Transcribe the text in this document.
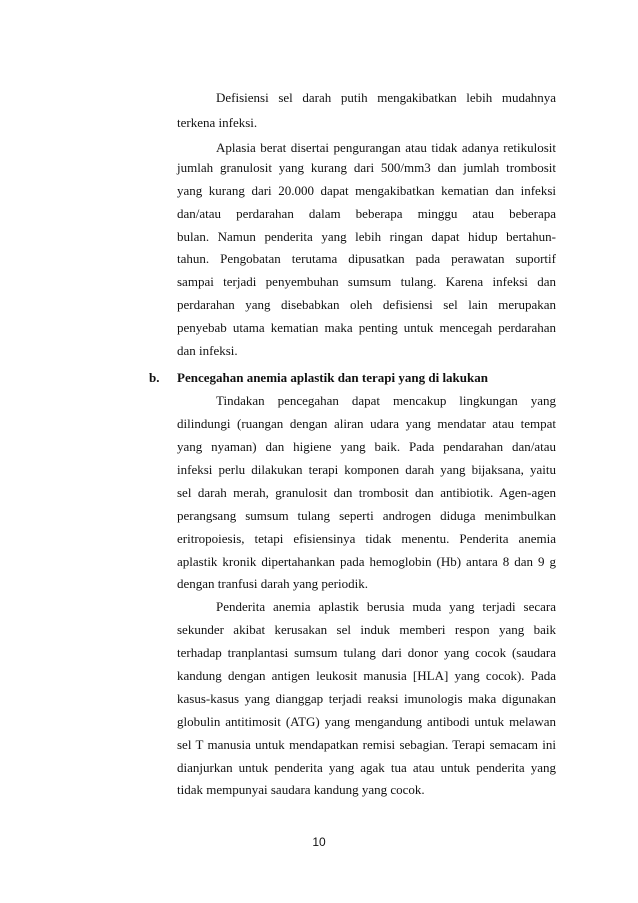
Defisiensi sel darah putih mengakibatkan lebih mudahnya
terkena infeksi.
Aplasia berat disertai pengurangan atau tidak adanya retikulosit
jumlah granulosit yang kurang dari 500/mm3 dan jumlah trombosit
yang kurang dari 20.000 dapat mengakibatkan kematian dan infeksi
dan/atau perdarahan dalam beberapa minggu atau beberapa
bulan. Namun penderita yang lebih ringan dapat hidup bertahun-
tahun. Pengobatan terutama dipusatkan pada perawatan suportif
sampai terjadi penyembuhan sumsum tulang. Karena infeksi dan
perdarahan yang disebabkan oleh defisiensi sel lain merupakan
penyebab utama kematian maka penting untuk mencegah perdarahan
dan infeksi.
b. Pencegahan anemia aplastik dan terapi yang di lakukan
Tindakan pencegahan dapat mencakup lingkungan yang
dilindungi (ruangan dengan aliran udara yang mendatar atau tempat
yang nyaman) dan higiene yang baik. Pada pendarahan dan/atau
infeksi perlu dilakukan terapi komponen darah yang bijaksana, yaitu
sel darah merah, granulosit dan trombosit dan antibiotik. Agen-agen
perangsang sumsum tulang seperti androgen diduga menimbulkan
eritropoiesis, tetapi efisiensinya tidak menentu. Penderita anemia
aplastik kronik dipertahankan pada hemoglobin (Hb) antara 8 dan 9 g
dengan tranfusi darah yang periodik.
Penderita anemia aplastik berusia muda yang terjadi secara
sekunder akibat kerusakan sel induk memberi respon yang baik
terhadap tranplantasi sumsum tulang dari donor yang cocok (saudara
kandung dengan antigen leukosit manusia [HLA] yang cocok). Pada
kasus-kasus yang dianggap terjadi reaksi imunologis maka digunakan
globulin antitimosit (ATG) yang mengandung antibodi untuk melawan
sel T manusia untuk mendapatkan remisi sebagian. Terapi semacam ini
dianjurkan untuk penderita yang agak tua atau untuk penderita yang
tidak mempunyai saudara kandung yang cocok.
10
